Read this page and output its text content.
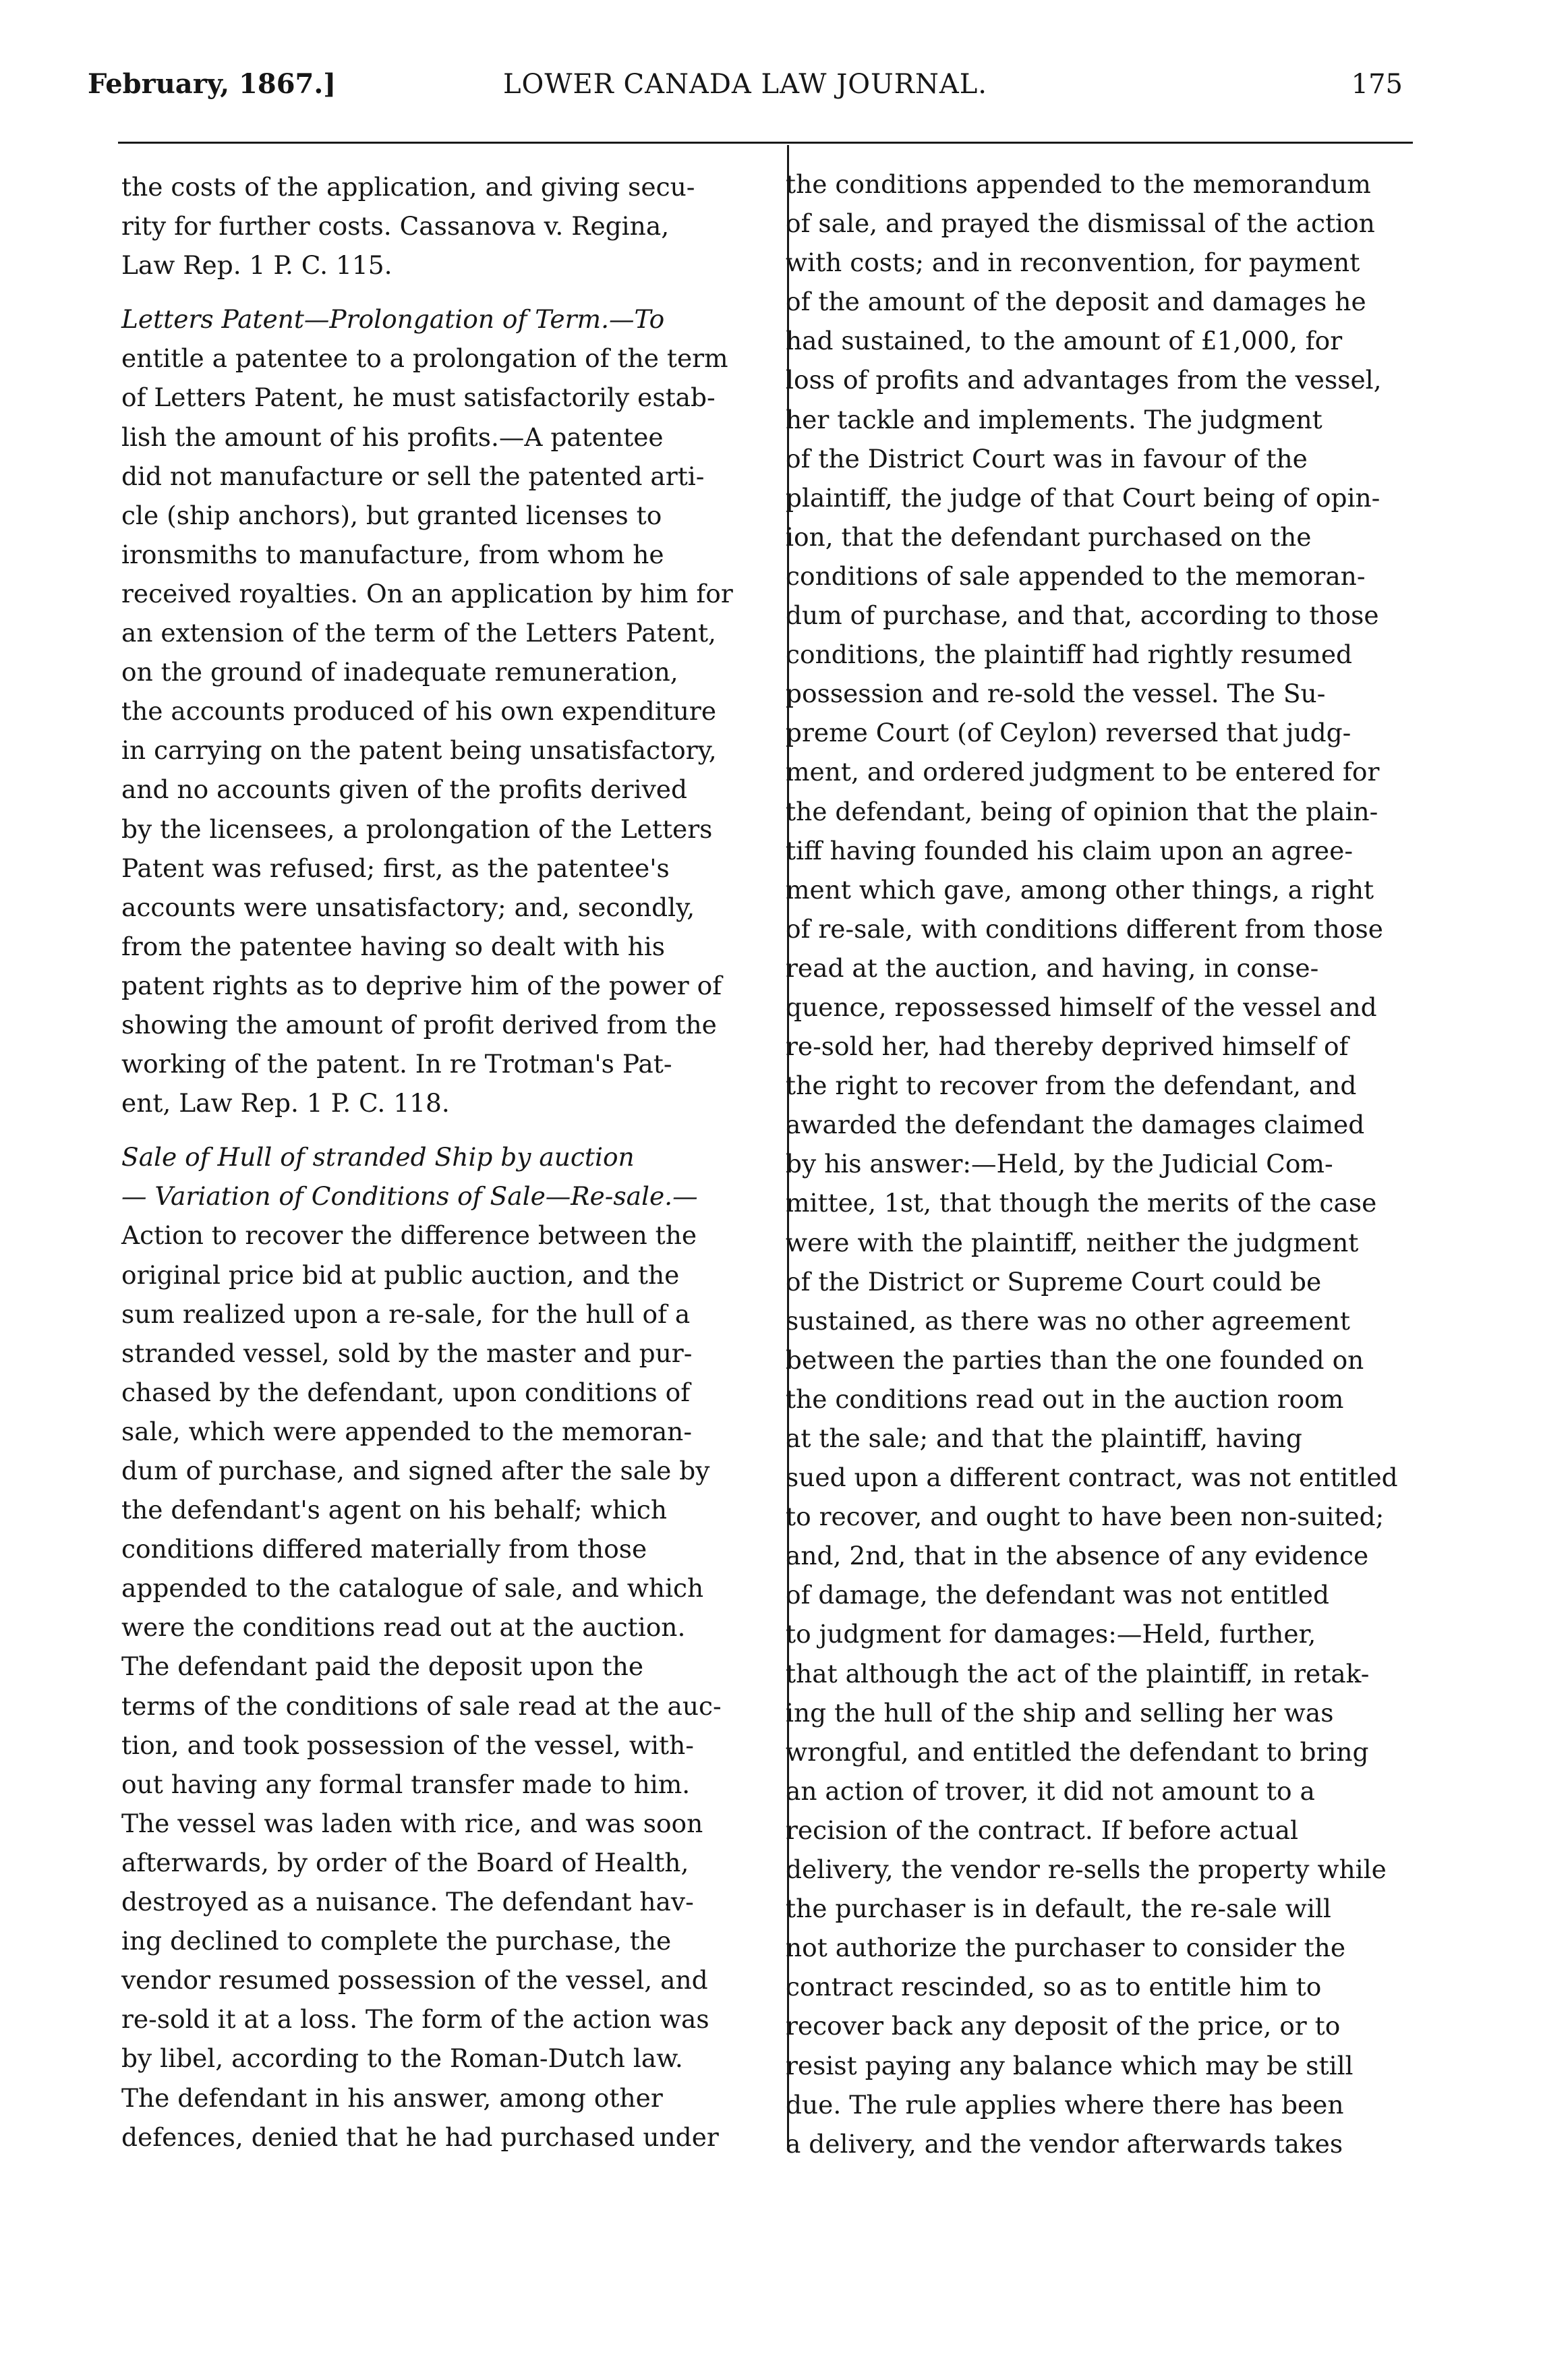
February, 1867.]	LOWER CANADA LAW JOURNAL.	175
the costs of the application, and giving secu-
rity for further costs. Cassanova v. Regina,
Law Rep. 1 P. C. 115.
Letters Patent—Prolongation of Term.—To
entitle a patentee to a prolongation of the term
of Letters Patent, he must satisfactorily estab-
lish the amount of his profits.—A patentee
did not manufacture or sell the patented arti-
cle (ship anchors), but granted licenses to
ironsmiths to manufacture, from whom he
received royalties. On an application by him for
an extension of the term of the Letters Patent,
on the ground of inadequate remuneration,
the accounts produced of his own expenditure
in carrying on the patent being unsatisfactory,
and no accounts given of the profits derived
by the licensees, a prolongation of the Letters
Patent was refused; first, as the patentee's
accounts were unsatisfactory; and, secondly,
from the patentee having so dealt with his
patent rights as to deprive him of the power of
showing the amount of profit derived from the
working of the patent. In re Trotman's Pat-
ent, Law Rep. 1 P. C. 118.
Sale of Hull of stranded Ship by auction
— Variation of Conditions of Sale—Re-sale.—
Action to recover the difference between the
original price bid at public auction, and the
sum realized upon a re-sale, for the hull of a
stranded vessel, sold by the master and pur-
chased by the defendant, upon conditions of
sale, which were appended to the memoran-
dum of purchase, and signed after the sale by
the defendant's agent on his behalf; which
conditions differed materially from those
appended to the catalogue of sale, and which
were the conditions read out at the auction.
The defendant paid the deposit upon the
terms of the conditions of sale read at the auc-
tion, and took possession of the vessel, with-
out having any formal transfer made to him.
The vessel was laden with rice, and was soon
afterwards, by order of the Board of Health,
destroyed as a nuisance. The defendant hav-
ing declined to complete the purchase, the
vendor resumed possession of the vessel, and
re-sold it at a loss. The form of the action was
by libel, according to the Roman-Dutch law.
The defendant in his answer, among other
defences, denied that he had purchased under
the conditions appended to the memorandum
of sale, and prayed the dismissal of the action
with costs; and in reconvention, for payment
of the amount of the deposit and damages he
had sustained, to the amount of £1,000, for
loss of profits and advantages from the vessel,
her tackle and implements. The judgment
of the District Court was in favour of the
plaintiff, the judge of that Court being of opin-
ion, that the defendant purchased on the
conditions of sale appended to the memoran-
dum of purchase, and that, according to those
conditions, the plaintiff had rightly resumed
possession and re-sold the vessel. The Su-
preme Court (of Ceylon) reversed that judg-
ment, and ordered judgment to be entered for
the defendant, being of opinion that the plain-
tiff having founded his claim upon an agree-
ment which gave, among other things, a right
of re-sale, with conditions different from those
read at the auction, and having, in conse-
quence, repossessed himself of the vessel and
re-sold her, had thereby deprived himself of
the right to recover from the defendant, and
awarded the defendant the damages claimed
by his answer:—Held, by the Judicial Com-
mittee, 1st, that though the merits of the case
were with the plaintiff, neither the judgment
of the District or Supreme Court could be
sustained, as there was no other agreement
between the parties than the one founded on
the conditions read out in the auction room
at the sale; and that the plaintiff, having
sued upon a different contract, was not entitled
to recover, and ought to have been non-suited;
and, 2nd, that in the absence of any evidence
of damage, the defendant was not entitled
to judgment for damages:—Held, further,
that although the act of the plaintiff, in retak-
ing the hull of the ship and selling her was
wrongful, and entitled the defendant to bring
an action of trover, it did not amount to a
recision of the contract. If before actual
delivery, the vendor re-sells the property while
the purchaser is in default, the re-sale will
not authorize the purchaser to consider the
contract rescinded, so as to entitle him to
recover back any deposit of the price, or to
resist paying any balance which may be still
due. The rule applies where there has been
a delivery, and the vendor afterwards takes
